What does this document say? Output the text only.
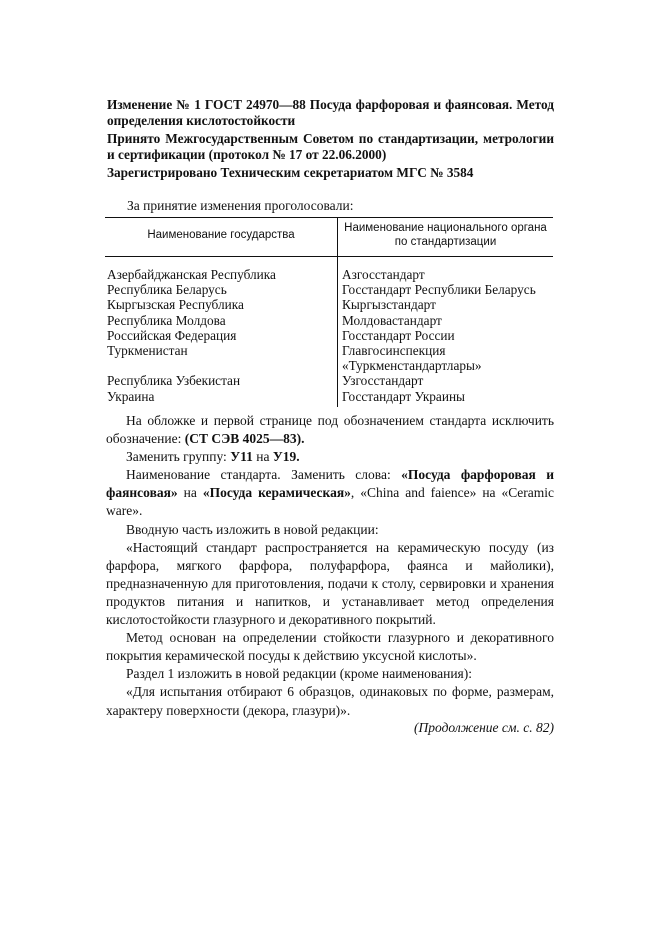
Изменение № 1 ГОСТ 24970—88 Посуда фарфоровая и фаянсовая. Метод определения кислотостойкости
Принято Межгосударственным Советом по стандартизации, метрологии и сертификации (протокол № 17 от 22.06.2000)
Зарегистрировано Техническим секретариатом МГС № 3584
За принятие изменения проголосовали:
Наименование государства	Наименование национального органа по стандартизации
Азербайджанская Республика	Азгосстандарт
Республика Беларусь	Госстандарт Республики Беларусь
Кыргызская Республика	Кыргызстандарт
Республика Молдова	Молдовастандарт
Российская Федерация	Госстандарт России
Туркменистан	Главгосинспекция «Туркменстандартлары»
Республика Узбекистан	Узгосстандарт
Украина	Госстандарт Украины

На обложке и первой странице под обозначением стандарта исключить обозначение: (СТ СЭВ 4025—83).

Заменить группу: У11 на У19.

Наименование стандарта. Заменить слова: «Посуда фарфоровая и фаянсовая» на «Посуда керамическая», «China and faience» на «Ceramic ware».

Вводную часть изложить в новой редакции:

«Настоящий стандарт распространяется на керамическую посуду (из фарфора, мягкого фарфора, полуфарфора, фаянса и майолики), предназначенную для приготовления, подачи к столу, сервировки и хранения продуктов питания и напитков, и устанавливает метод определения кислотостойкости глазурного и декоративного покрытий.

Метод основан на определении стойкости глазурного и декоративного покрытия керамической посуды к действию уксусной кислоты».

Раздел 1 изложить в новой редакции (кроме наименования):

«Для испытания отбирают 6 образцов, одинаковых по форме, размерам, характеру поверхности (декора, глазури)».

(Продолжение см. с. 82)
